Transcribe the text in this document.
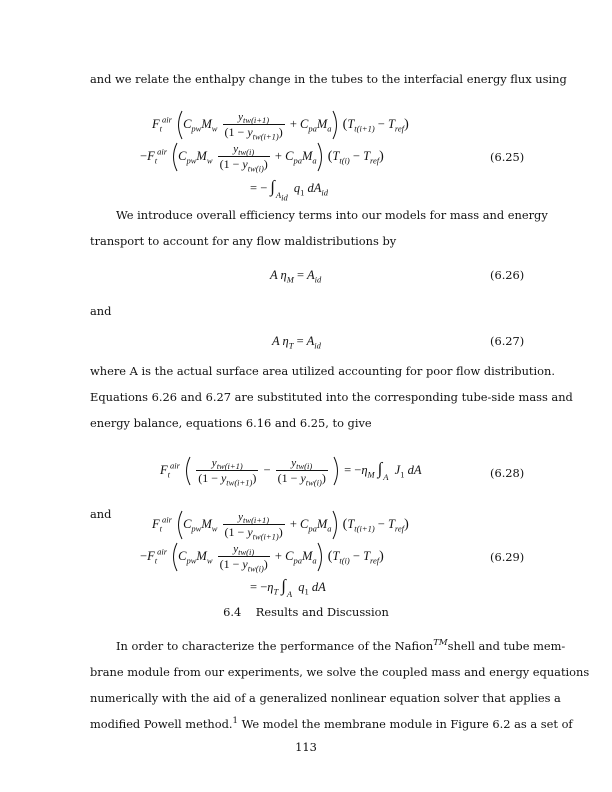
and we relate the enthalpy change in the tubes to the interfacial energy flux using
$F_t^{air}$ $C_{pw}M_w \frac{y_{tw(i+1)}}{(1 - y_{tw(i+1)})} + C_{pa}M_a$ $(T_{t(i+1)} - T_{ref})$
$-F_t^{air}$ $C_{pw}M_w \frac{y_{tw(i)}}{(1 - y_{tw(i)})} + C_{pa}M_a$ $(T_{t(i)} - T_{ref})$
= − $\int_{A_{id}}$ $q_1$ $dA_{id}$
(6.25)
We introduce overall efficiency terms into our models for mass and energy
transport to account for any flow maldistributions by
A $\eta_M = A_{id}$	(6.26)
and
A $\eta_T = A_{id}$	(6.27)
where A is the actual surface area utilized accounting for poor flow distribution.
Equations 6.26 and 6.27 are substituted into the corresponding tube-side mass and
energy balance, equations 6.16 and 6.25, to give
$F_t^{air} \frac{y_{tw(i+1)}}{(1 - y_{tw(i+1)})} - \frac{y_{tw(i)}}{(1 - y_{tw(i)})} = -\eta_M$ $\int_A$ $J_1$ dA	(6.28)
and
$F_t^{air}$ $C_{pw}M_w \frac{y_{tw(i+1)}}{(1 - y_{tw(i+1)})} + C_{pa}M_a$ $(T_{t(i+1)} - T_{ref})$
$-F_t^{air}$ $C_{pw}M_w \frac{y_{tw(i)}}{(1 - y_{tw(i)})} + C_{pa}M_a$ $(T_{t(i)} - T_{ref})$
= $-\eta_T$ $\int_A$ $q_1$ dA
(6.29)
6.4    Results and Discussion
In order to characterize the performance of the Nafion™shell and tube mem-
brane module from our experiments, we solve the coupled mass and energy equations
numerically with the aid of a generalized nonlinear equation solver that applies a
modified Powell method.$^1$ We model the membrane module in Figure 6.2 as a set of
113
